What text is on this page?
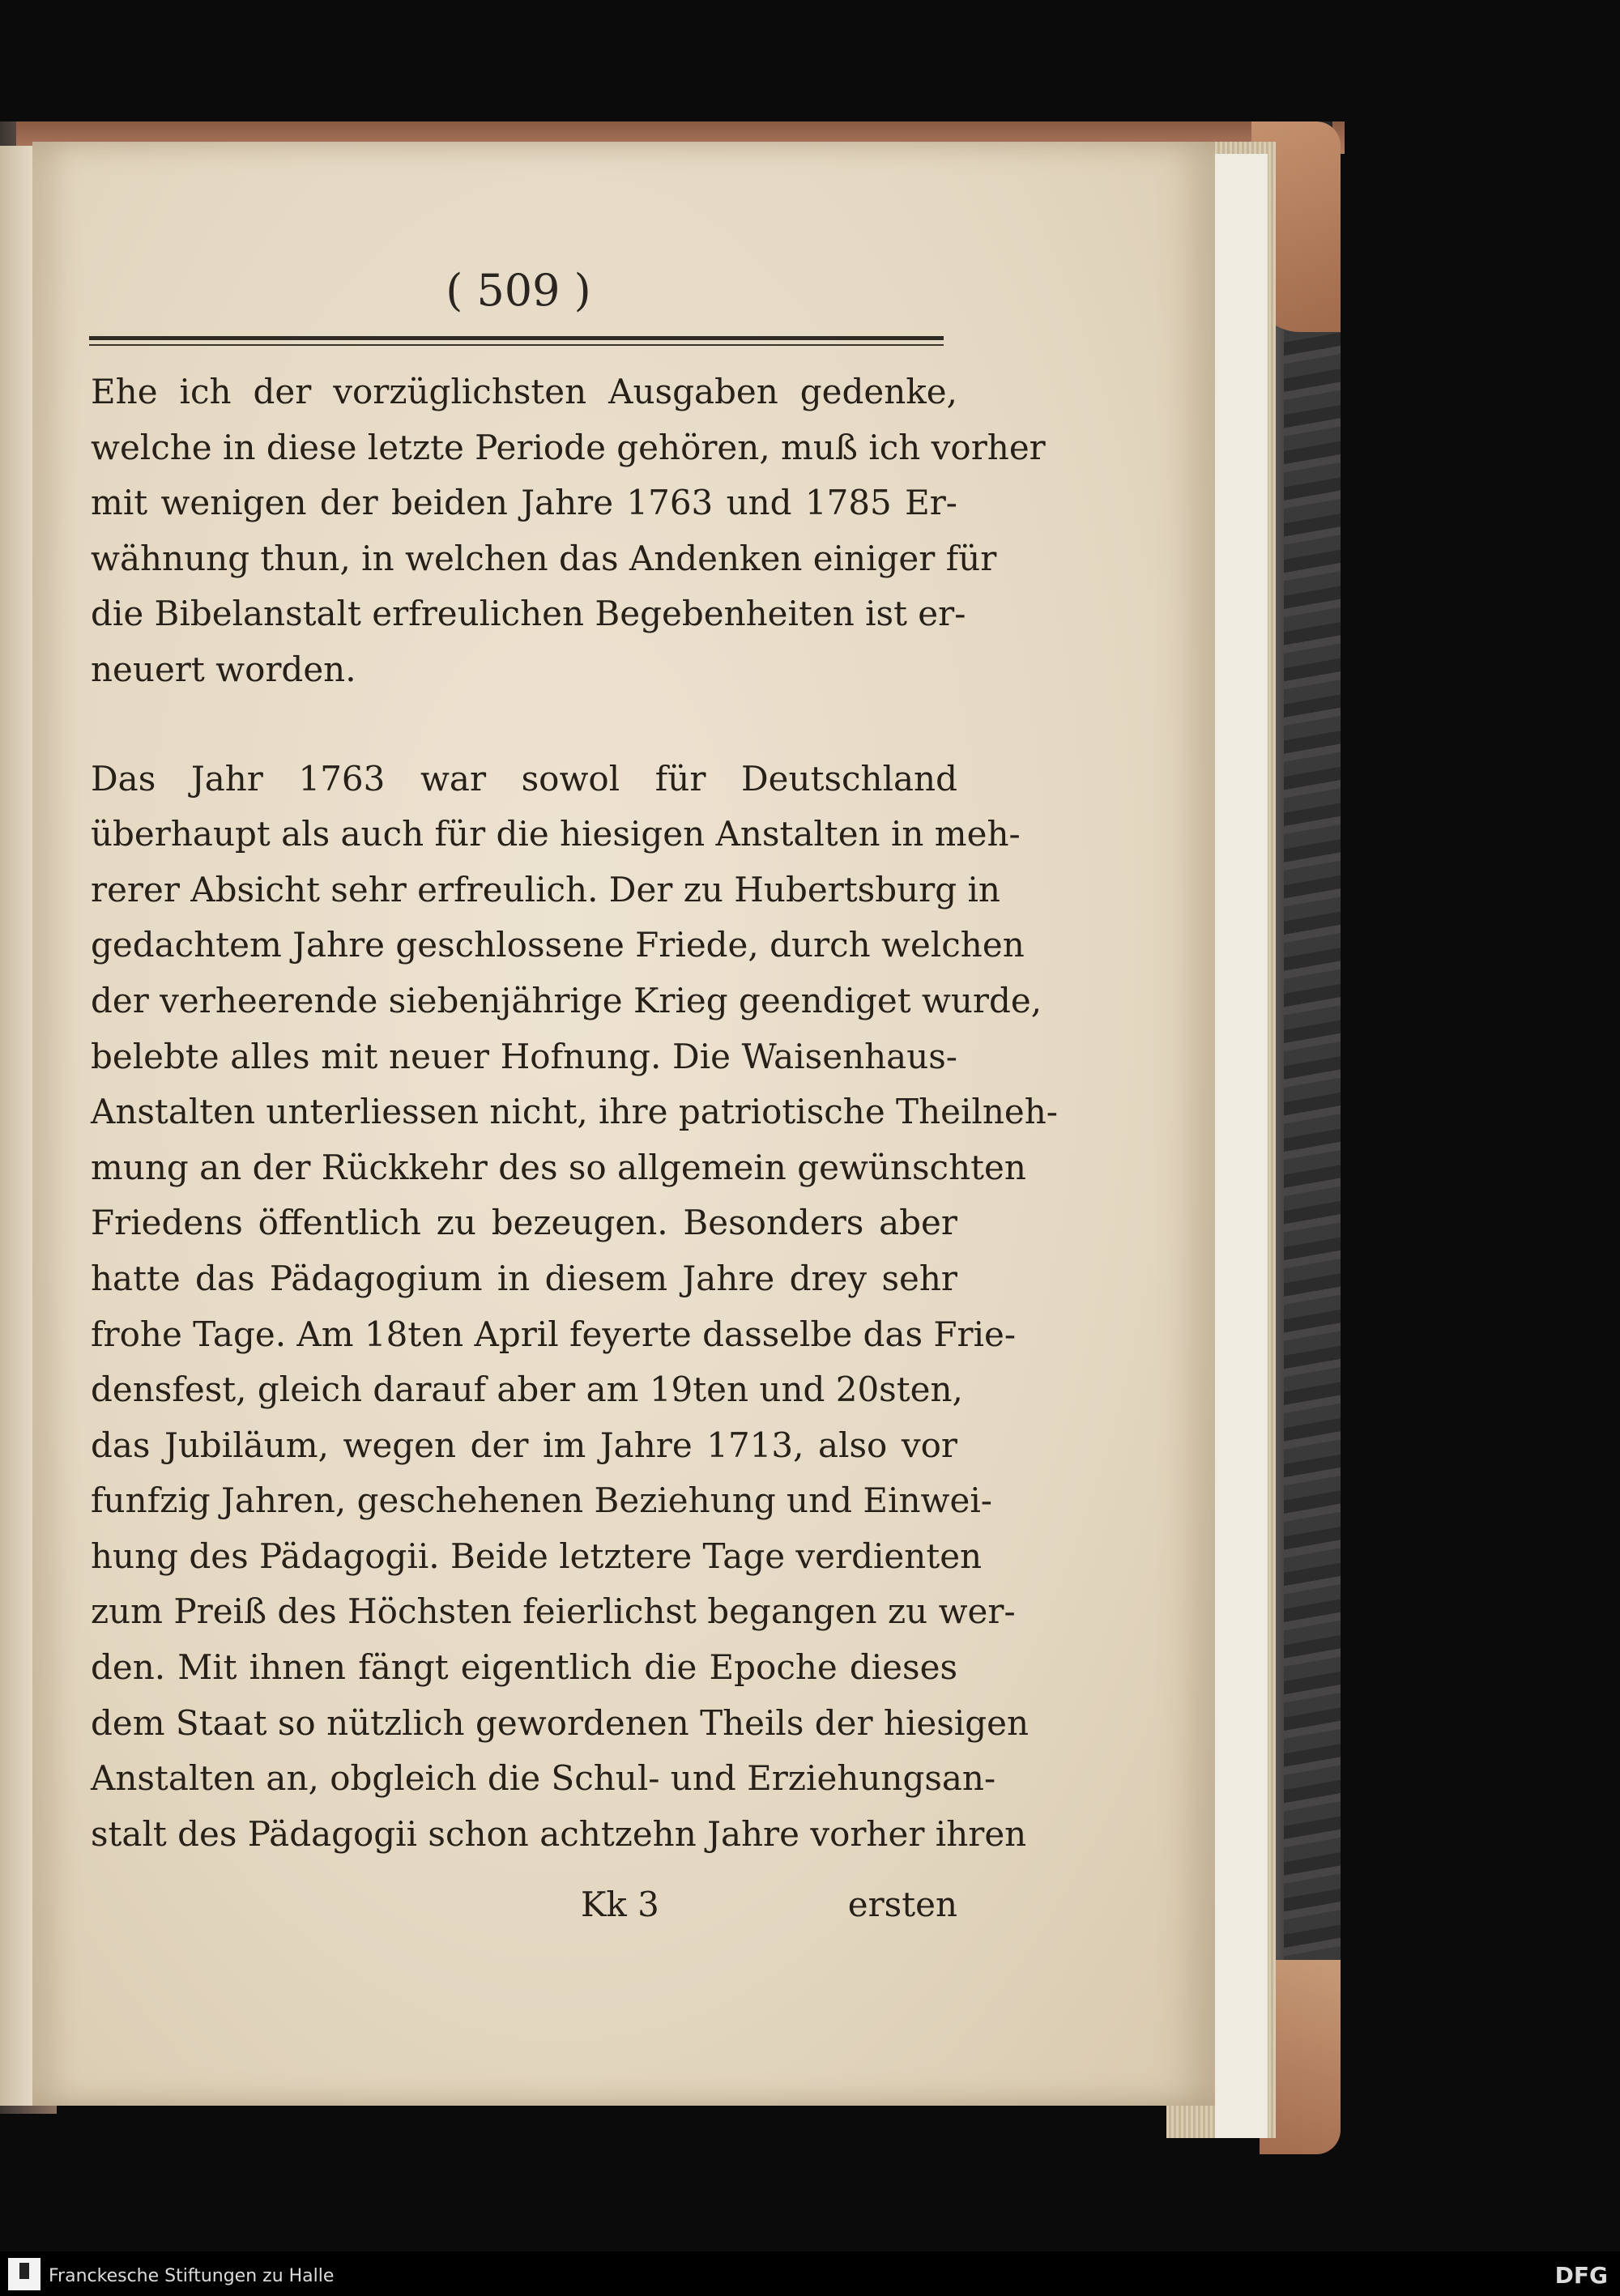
( 509 )
Ehe ich der vorzüglichsten Ausgaben gedenke,
welche in diese letzte Periode gehören, muß ich vorher
mit wenigen der beiden Jahre 1763 und 1785 Er-
wähnung thun, in welchen das Andenken einiger für
die Bibelanstalt erfreulichen Begebenheiten ist er-
neuert worden.
Das Jahr 1763 war sowol für Deutschland
überhaupt als auch für die hiesigen Anstalten in meh-
rerer Absicht sehr erfreulich. Der zu Hubertsburg in
gedachtem Jahre geschlossene Friede, durch welchen
der verheerende siebenjährige Krieg geendiget wurde,
belebte alles mit neuer Hofnung. Die Waisenhaus-
Anstalten unterliessen nicht, ihre patriotische Theilneh-
mung an der Rückkehr des so allgemein gewünschten
Friedens öffentlich zu bezeugen. Besonders aber
hatte das Pädagogium in diesem Jahre drey sehr
frohe Tage. Am 18ten April feyerte dasselbe das Frie-
densfest, gleich darauf aber am 19ten und 20sten,
das Jubiläum, wegen der im Jahre 1713, also vor
funfzig Jahren, geschehenen Beziehung und Einwei-
hung des Pädagogii. Beide letztere Tage verdienten
zum Preiß des Höchsten feierlichst begangen zu wer-
den. Mit ihnen fängt eigentlich die Epoche dieses
dem Staat so nützlich gewordenen Theils der hiesigen
Anstalten an, obgleich die Schul- und Erziehungsan-
stalt des Pädagogii schon achtzehn Jahre vorher ihren
Kk 3	ersten
Franckesche Stiftungen zu Halle	DFG
